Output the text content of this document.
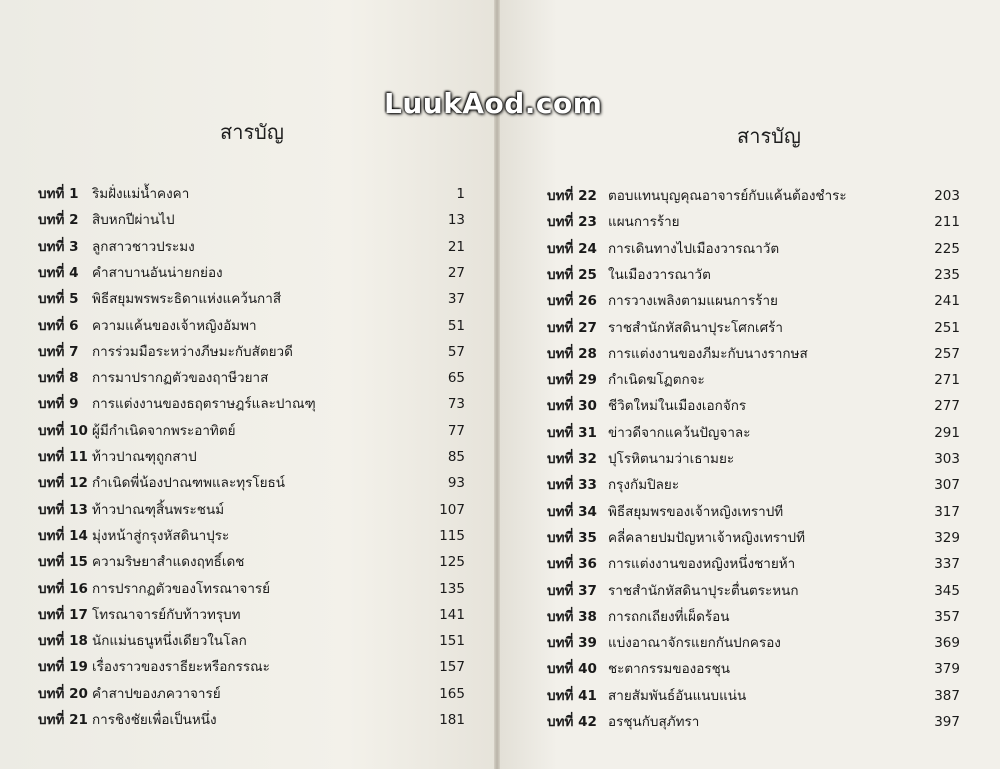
สารบัญ
บทที่ 1 ริมฝั่งแม่น้ำคงคา	1
บทที่ 2 สิบหกปีผ่านไป	13
บทที่ 3 ลูกสาวชาวประมง	21
บทที่ 4 คำสาบานอันน่ายกย่อง	27
บทที่ 5 พิธีสยุมพรพระธิดาแห่งแคว้นกาสี	37
บทที่ 6 ความแค้นของเจ้าหญิงอัมพา	51
บทที่ 7 การร่วมมือระหว่างภีษมะกับสัตยวดี	57
บทที่ 8 การมาปรากฏตัวของฤาษีวยาส	65
บทที่ 9 การแต่งงานของธฤตราษฎร์และปาณฑุ	73
บทที่ 10 ผู้มีกำเนิดจากพระอาทิตย์	77
บทที่ 11 ท้าวปาณฑุถูกสาป	85
บทที่ 12 กำเนิดพี่น้องปาณฑพและทุรโยธน์	93
บทที่ 13 ท้าวปาณฑุสิ้นพระชนม์	107
บทที่ 14 มุ่งหน้าสู่กรุงหัสดินาปุระ	115
บทที่ 15 ความริษยาสำแดงฤทธิ์เดช	125
บทที่ 16 การปรากฏตัวของโทรณาจารย์	135
บทที่ 17 โทรณาจารย์กับท้าวทรุบท	141
บทที่ 18 นักแม่นธนูหนึ่งเดียวในโลก	151
บทที่ 19 เรื่องราวของราธียะหรือกรรณะ	157
บทที่ 20 คำสาปของภควาจารย์	165
บทที่ 21 การชิงชัยเพื่อเป็นหนึ่ง	181
สารบัญ
บทที่ 22 ตอบแทนบุญคุณอาจารย์กับแค้นต้องชำระ	203
บทที่ 23 แผนการร้าย	211
บทที่ 24 การเดินทางไปเมืองวารณาวัต	225
บทที่ 25 ในเมืองวารณาวัต	235
บทที่ 26 การวางเพลิงตามแผนการร้าย	241
บทที่ 27 ราชสำนักหัสดินาปุระโศกเศร้า	251
บทที่ 28 การแต่งงานของภีมะกับนางรากษส	257
บทที่ 29 กำเนิดฆโฏตกจะ	271
บทที่ 30 ชีวิตใหม่ในเมืองเอกจักร	277
บทที่ 31 ข่าวดีจากแคว้นปัญจาละ	291
บทที่ 32 ปุโรหิตนามว่าเธามยะ	303
บทที่ 33 กรุงกัมปิลยะ	307
บทที่ 34 พิธีสยุมพรของเจ้าหญิงเทราปที	317
บทที่ 35 คลี่คลายปมปัญหาเจ้าหญิงเทราปที	329
บทที่ 36 การแต่งงานของหญิงหนึ่งชายห้า	337
บทที่ 37 ราชสำนักหัสดินาปุระตื่นตระหนก	345
บทที่ 38 การถกเถียงที่เผ็ดร้อน	357
บทที่ 39 แบ่งอาณาจักรแยกกันปกครอง	369
บทที่ 40 ชะตากรรมของอรชุน	379
บทที่ 41 สายสัมพันธ์อันแนบแน่น	387
บทที่ 42 อรชุนกับสุภัทรา	397
LuukAod.com
